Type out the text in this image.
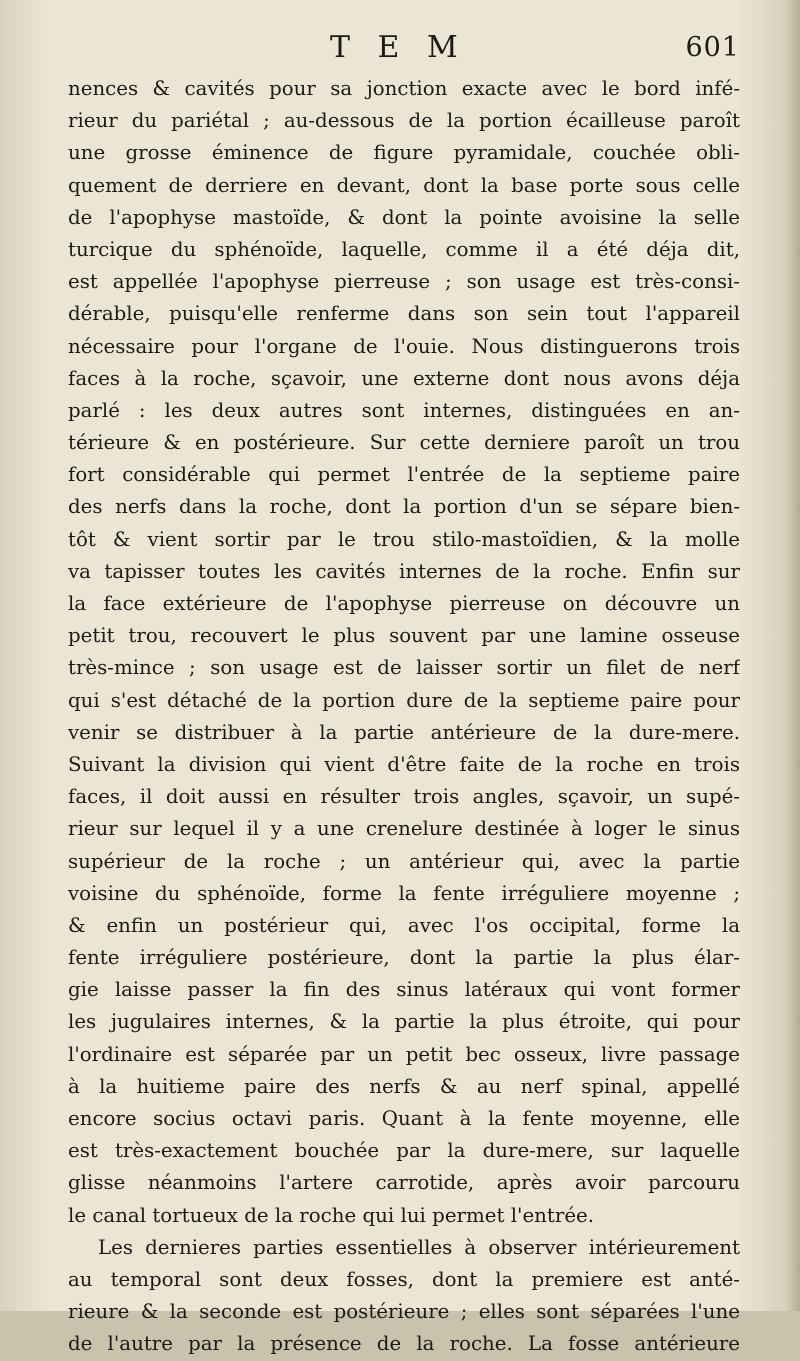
T E M	601
nences & cavités pour sa jonction exacte avec le bord infé-
rieur du pariétal ; au-dessous de la portion écailleuse paroît
une grosse éminence de figure pyramidale, couchée obli-
quement de derriere en devant, dont la base porte sous celle
de l'apophyse mastoïde, & dont la pointe avoisine la selle
turcique du sphénoïde, laquelle, comme il a été déja dit,
est appellée l'apophyse pierreuse ; son usage est très-consi-
dérable, puisqu'elle renferme dans son sein tout l'appareil
nécessaire pour l'organe de l'ouie. Nous distinguerons trois
faces à la roche, sçavoir, une externe dont nous avons déja
parlé : les deux autres sont internes, distinguées en an-
térieure & en postérieure. Sur cette derniere paroît un trou
fort considérable qui permet l'entrée de la septieme paire
des nerfs dans la roche, dont la portion d'un se sépare bien-
tôt & vient sortir par le trou stilo-mastoïdien, & la molle
va tapisser toutes les cavités internes de la roche. Enfin sur
la face extérieure de l'apophyse pierreuse on découvre un
petit trou, recouvert le plus souvent par une lamine osseuse
très-mince ; son usage est de laisser sortir un filet de nerf
qui s'est détaché de la portion dure de la septieme paire pour
venir se distribuer à la partie antérieure de la dure-mere.
Suivant la division qui vient d'être faite de la roche en trois
faces, il doit aussi en résulter trois angles, sçavoir, un supé-
rieur sur lequel il y a une crenelure destinée à loger le sinus
supérieur de la roche ; un antérieur qui, avec la partie
voisine du sphénoïde, forme la fente irréguliere moyenne ;
& enfin un postérieur qui, avec l'os occipital, forme la
fente irréguliere postérieure, dont la partie la plus élar-
gie laisse passer la fin des sinus latéraux qui vont former
les jugulaires internes, & la partie la plus étroite, qui pour
l'ordinaire est séparée par un petit bec osseux, livre passage
à la huitieme paire des nerfs & au nerf spinal, appellé
encore socius octavi paris. Quant à la fente moyenne, elle
est très-exactement bouchée par la dure-mere, sur laquelle
glisse néanmoins l'artere carrotide, après avoir parcouru
le canal tortueux de la roche qui lui permet l'entrée.
Les dernieres parties essentielles à observer intérieurement
au temporal sont deux fosses, dont la premiere est anté-
rieure & la seconde est postérieure ; elles sont séparées l'une
de l'autre par la présence de la roche. La fosse antérieure
